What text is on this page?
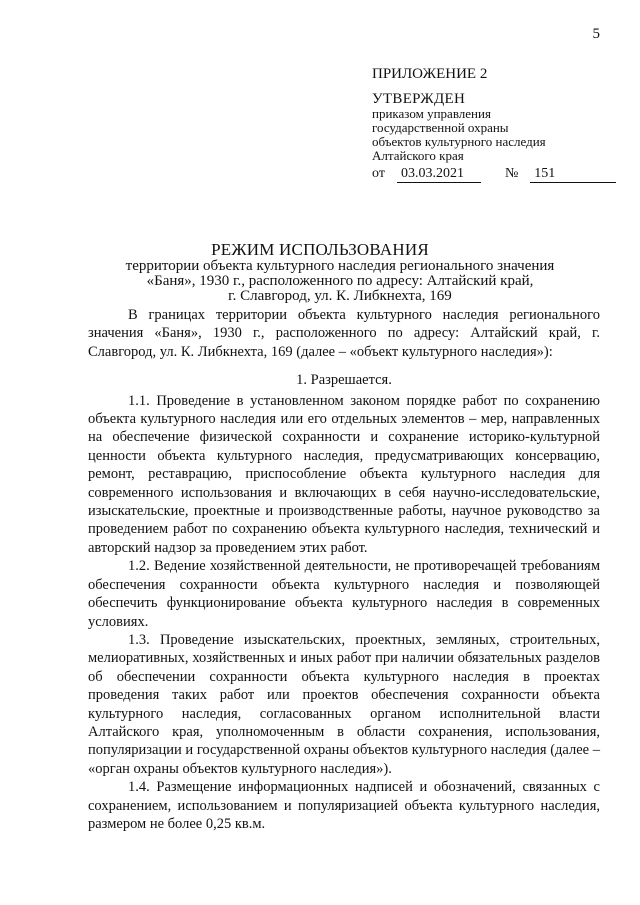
5
ПРИЛОЖЕНИЕ 2
УТВЕРЖДЕН
приказом управления
государственной охраны
объектов культурного наследия
Алтайского края
от 03.03.2021	№ 151
РЕЖИМ ИСПОЛЬЗОВАНИЯ
территории объекта культурного наследия регионального значения
«Баня», 1930 г., расположенного по адресу: Алтайский край,
г. Славгород, ул. К. Либкнехта, 169

В границах территории объекта культурного наследия регионального значения «Баня», 1930 г., расположенного по адресу: Алтайский край, г. Славгород, ул. К. Либкнехта, 169 (далее – «объект культурного наследия»):

1. Разрешается.

1.1. Проведение в установленном законом порядке работ по сохранению объекта культурного наследия или его отдельных элементов – мер, направленных на обеспечение физической сохранности и сохранение историко-культурной ценности объекта культурного наследия, предусматривающих консервацию, ремонт, реставрацию, приспособление объекта культурного наследия для современного использования и включающих в себя научно-исследовательские, изыскательские, проектные и производственные работы, научное руководство за проведением работ по сохранению объекта культурного наследия, технический и авторский надзор за проведением этих работ.

1.2. Ведение хозяйственной деятельности, не противоречащей требованиям обеспечения сохранности объекта культурного наследия и позволяющей обеспечить функционирование объекта культурного наследия в современных условиях.

1.3. Проведение изыскательских, проектных, земляных, строительных, мелиоративных, хозяйственных и иных работ при наличии обязательных разделов об обеспечении сохранности объекта культурного наследия в проектах проведения таких работ или проектов обеспечения сохранности объекта культурного наследия, согласованных органом исполнительной власти Алтайского края, уполномоченным в области сохранения, использования, популяризации и государственной охраны объектов культурного наследия (далее – «орган охраны объектов культурного наследия»).

1.4. Размещение информационных надписей и обозначений, связанных с сохранением, использованием и популяризацией объекта культурного наследия, размером не более 0,25 кв.м.
